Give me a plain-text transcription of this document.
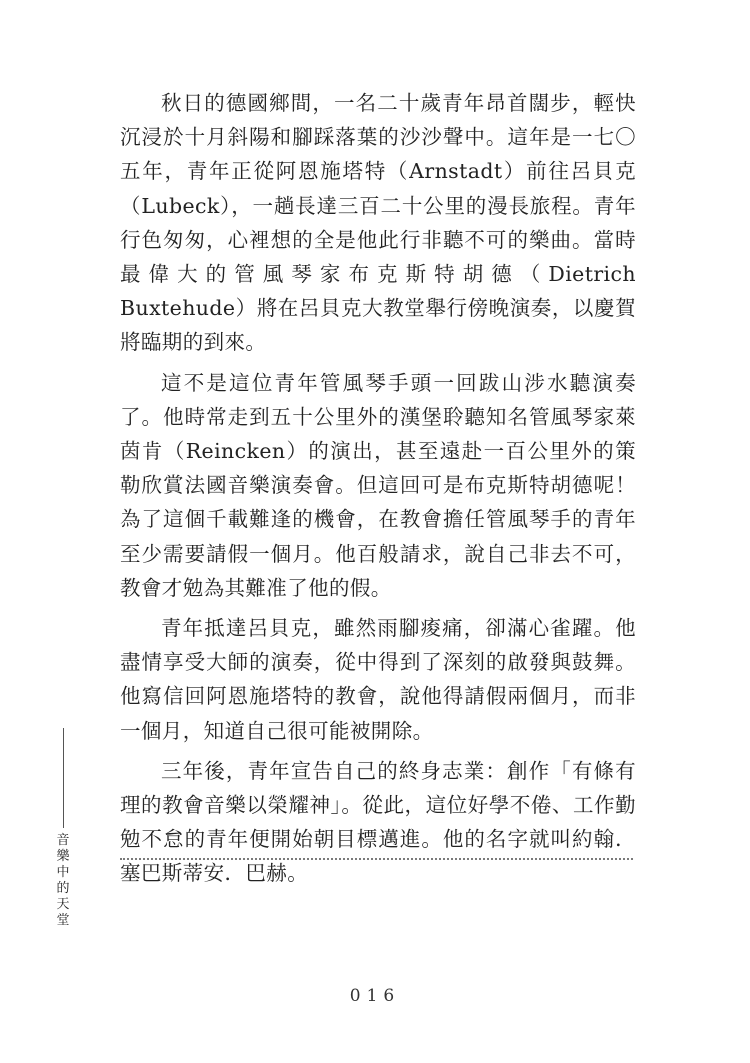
秋日的德國鄉間，一名二十歲青年昂首闊步，輕快沉浸於十月斜陽和腳踩落葉的沙沙聲中。這年是一七〇五年，青年正從阿恩施塔特（Arnstadt）前往呂貝克（Lubeck），一趟長達三百二十公里的漫長旅程。青年行色匆匆，心裡想的全是他此行非聽不可的樂曲。當時最偉大的管風琴家布克斯特胡德（Dietrich Buxtehude）將在呂貝克大教堂舉行傍晚演奏，以慶賀將臨期的到來。

這不是這位青年管風琴手頭一回跋山涉水聽演奏了。他時常走到五十公里外的漢堡聆聽知名管風琴家萊茵肯（Reincken）的演出，甚至遠赴一百公里外的策勒欣賞法國音樂演奏會。但這回可是布克斯特胡德呢！為了這個千載難逢的機會，在教會擔任管風琴手的青年至少需要請假一個月。他百般請求，說自己非去不可，教會才勉為其難准了他的假。

青年抵達呂貝克，雖然雨腳痠痛，卻滿心雀躍。他盡情享受大師的演奏，從中得到了深刻的啟發與鼓舞。他寫信回阿恩施塔特的教會，說他得請假兩個月，而非一個月，知道自己很可能被開除。

三年後，青年宣告自己的終身志業：創作「有條有理的教會音樂以榮耀神」。從此，這位好學不倦、工作勤勉不怠的青年便開始朝目標邁進。他的名字就叫約翰．塞巴斯蒂安．巴赫。

音樂中的天堂
016
